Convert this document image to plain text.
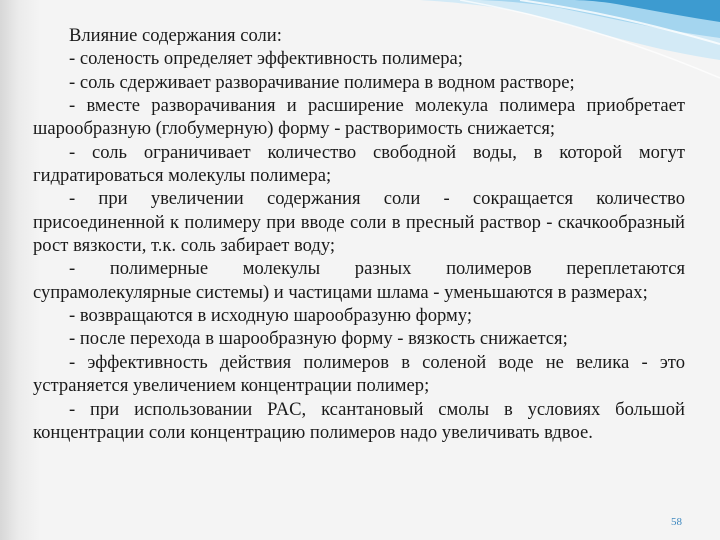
Влияние содержания соли:

- соленость определяет эффективность полимера;

- соль сдерживает разворачивание полимера в водном растворе;

- вместе разворачивания и расширение молекула полимера приобретает шарообразную (глобумерную) форму - растворимость снижается;

- соль ограничивает количество свободной воды, в которой могут гидратироваться молекулы полимера;

- при увеличении содержания соли - сокращается количество присоединенной к полимеру при вводе соли в пресный раствор - скачкообразный рост вязкости, т.к. соль забирает воду;

- полимерные молекулы разных полимеров переплетаются супрамолекулярные системы) и частицами шлама - уменьшаются в размерах;

- возвращаются в исходную шарообразуню форму;

- после перехода в шарообразную форму - вязкость снижается;

- эффективность действия полимеров в соленой воде не велика - это устраняется увеличением концентрации полимер;

- при использовании PAC, ксантановый смолы в условиях большой концентрации соли концентрацию полимеров надо увеличивать вдвое.

58
